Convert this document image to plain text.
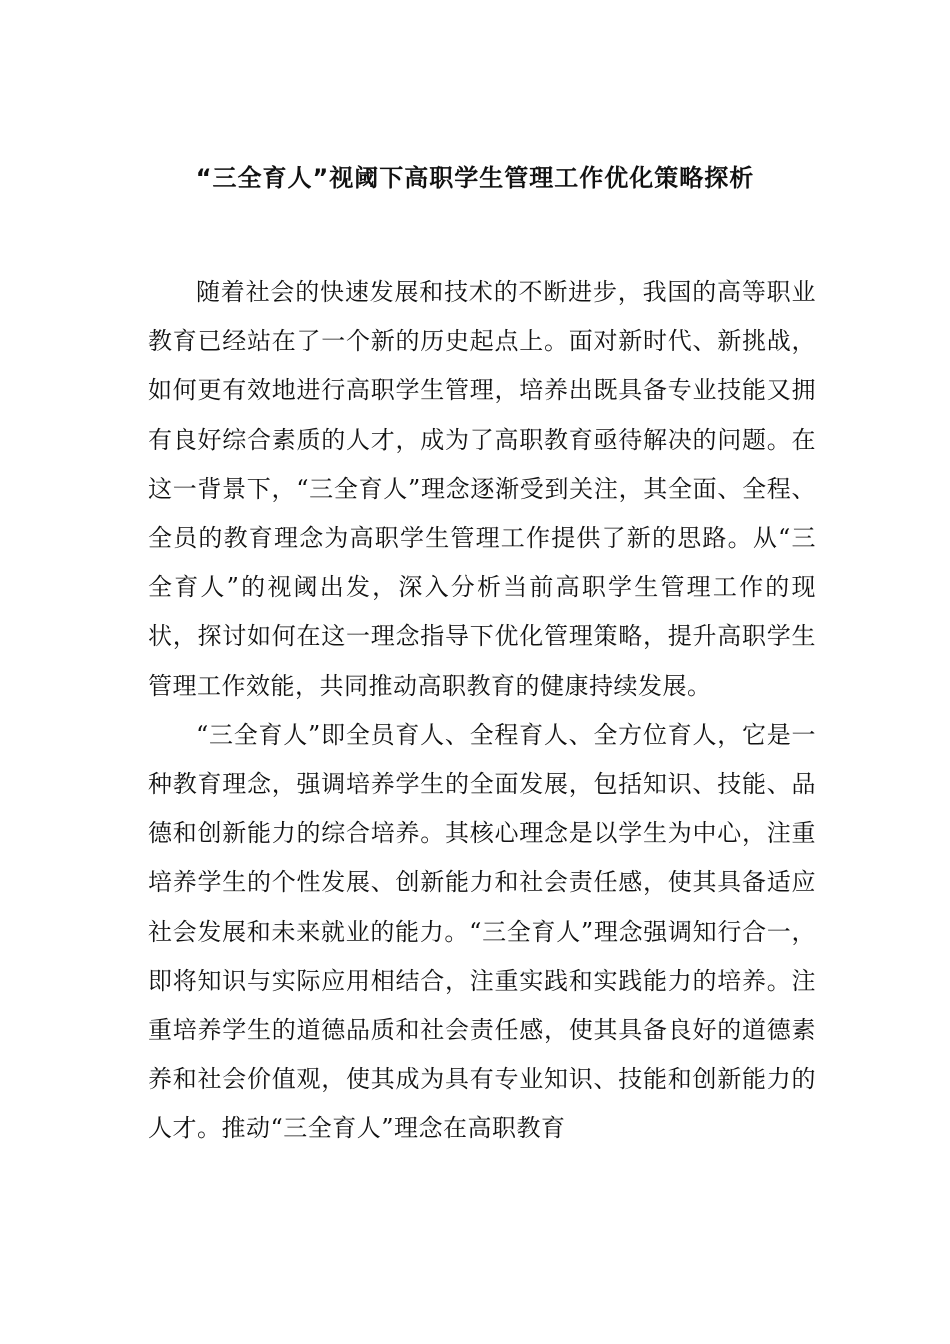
“三全育人”视阈下高职学生管理工作优化策略探析

随着社会的快速发展和技术的不断进步，我国的高等职业教育已经站在了一个新的历史起点上。面对新时代、新挑战，如何更有效地进行高职学生管理，培养出既具备专业技能又拥有良好综合素质的人才，成为了高职教育亟待解决的问题。在这一背景下，“三全育人”理念逐渐受到关注，其全面、全程、全员的教育理念为高职学生管理工作提供了新的思路。从“三全育人”的视阈出发，深入分析当前高职学生管理工作的现状，探讨如何在这一理念指导下优化管理策略，提升高职学生管理工作效能，共同推动高职教育的健康持续发展。

“三全育人”即全员育人、全程育人、全方位育人，它是一种教育理念，强调培养学生的全面发展，包括知识、技能、品德和创新能力的综合培养。其核心理念是以学生为中心，注重培养学生的个性发展、创新能力和社会责任感，使其具备适应社会发展和未来就业的能力。“三全育人”理念强调知行合一，即将知识与实际应用相结合，注重实践和实践能力的培养。注重培养学生的道德品质和社会责任感，使其具备良好的道德素养和社会价值观，使其成为具有专业知识、技能和创新能力的人才。推动“三全育人”理念在高职教育
